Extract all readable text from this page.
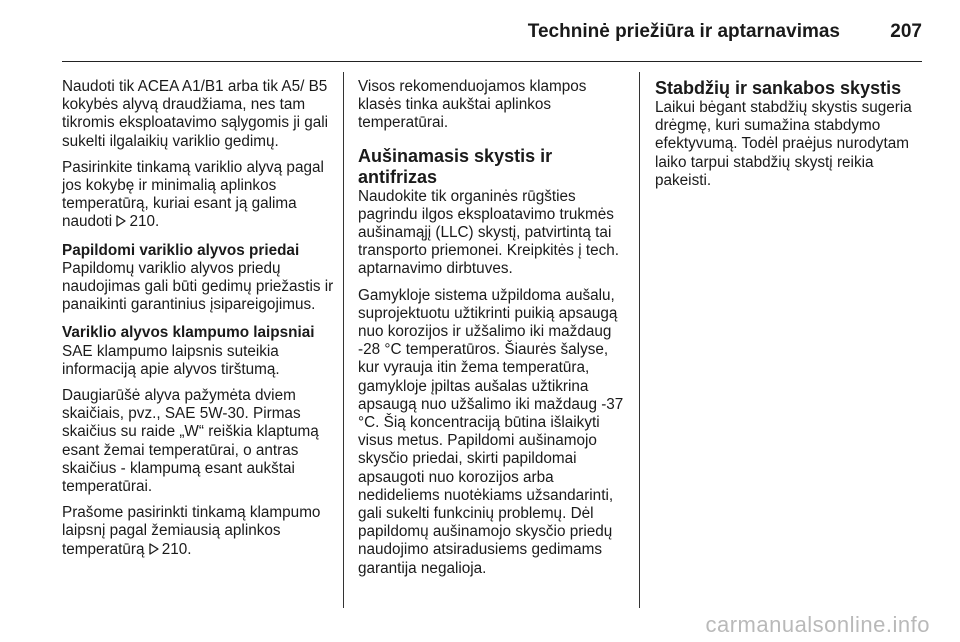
Techninė priežiūra ir aptarnavimas	207

Naudoti tik ACEA A1/B1 arba tik A5/ B5 kokybės alyvą draudžiama, nes tam tikromis eksploatavimo sąlygomis ji gali sukelti ilgalaikių variklio gedimų.

Pasirinkite tinkamą variklio alyvą pagal jos kokybę ir minimalią aplinkos temperatūrą, kuriai esant ją galima naudoti 210.

Papildomi variklio alyvos priedai

Papildomų variklio alyvos priedų naudojimas gali būti gedimų priežastis ir panaikinti garantinius įsipareigojimus.

Variklio alyvos klampumo laipsniai

SAE klampumo laipsnis suteikia informaciją apie alyvos tirštumą.

Daugiarūšė alyva pažymėta dviem skaičiais, pvz., SAE 5W-30. Pirmas skaičius su raide „W“ reiškia klaptumą esant žemai temperatūrai, o antras skaičius - klampumą esant aukštai temperatūrai.

Prašome pasirinkti tinkamą klampumo laipsnį pagal žemiausią aplinkos temperatūrą 210.

Visos rekomenduojamos klampos klasės tinka aukštai aplinkos temperatūrai.

Aušinamasis skystis ir antifrizas

Naudokite tik organinės rūgšties pagrindu ilgos eksploatavimo trukmės aušinamąjį (LLC) skystį, patvirtintą tai transporto priemonei. Kreipkitės į tech. aptarnavimo dirbtuves.

Gamykloje sistema užpildoma aušalu, suprojektuotu užtikrinti puikią apsaugą nuo korozijos ir užšalimo iki maždaug -28 °C temperatūros. Šiaurės šalyse, kur vyrauja itin žema temperatūra, gamykloje įpiltas aušalas užtikrina apsaugą nuo užšalimo iki maždaug -37 °C. Šią koncentraciją būtina išlaikyti visus metus. Papildomi aušinamojo skysčio priedai, skirti papildomai apsaugoti nuo korozijos arba nedideliems nuotėkiams užsandarinti, gali sukelti funkcinių problemų. Dėl papildomų aušinamojo skysčio priedų naudojimo atsiradusiems gedimams garantija negalioja.

Stabdžių ir sankabos skystis

Laikui bėgant stabdžių skystis sugeria drėgmę, kuri sumažina stabdymo efektyvumą. Todėl praėjus nurodytam laiko tarpui stabdžių skystį reikia pakeisti.

carmanualsonline.info
